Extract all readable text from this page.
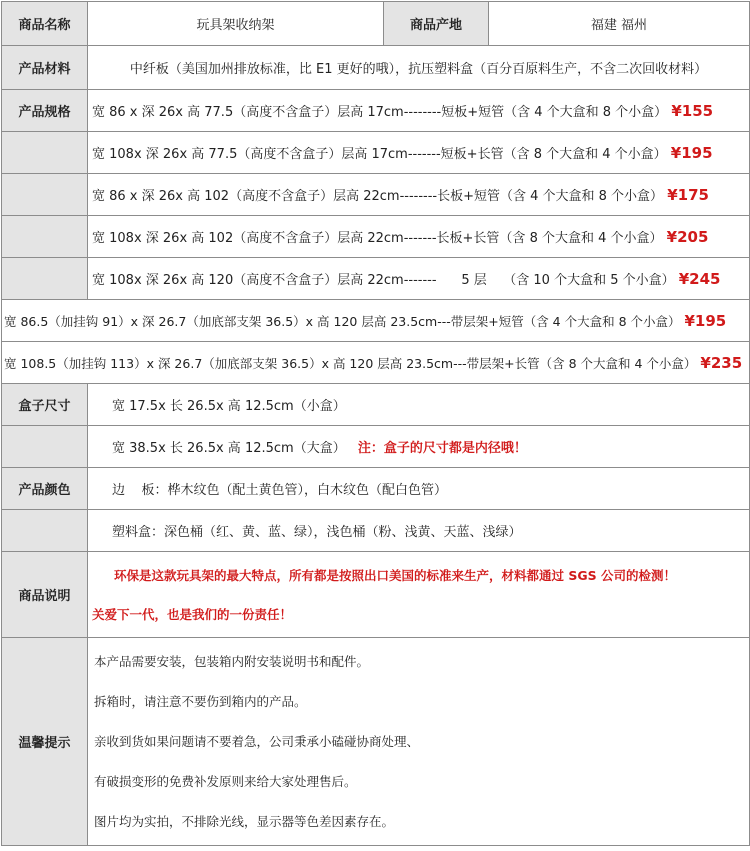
商品名称	玩具架收纳架	商品产地	福建 福州
产品材料	中纤板（美国加州排放标准，比 E1 更好的哦），抗压塑料盒（百分百原料生产，不含二次回收材料）		
产品规格	宽 86 x 深 26x 高 77.5（高度不含盒子）层高 17cm--------短板+短管（含 4 个大盒和 8 个小盒） ¥155		
	宽 108x 深 26x 高 77.5（高度不含盒子）层高 17cm-------短板+长管（含 8 个大盒和 4 个小盒） ¥195		
	宽 86 x 深 26x 高 102（高度不含盒子）层高 22cm--------长板+短管（含 4 个大盒和 8 个小盒） ¥175		
	宽 108x 深 26x 高 102（高度不含盒子）层高 22cm-------长板+长管（含 8 个大盒和 4 个小盒） ¥205		
	宽 108x 深 26x 高 120（高度不含盒子）层高 22cm-------      5 层    （含 10 个大盒和 5 个小盒） ¥245		
宽 86.5（加挂钩 91）x 深 26.7（加底部支架 36.5）x 高 120 层高 23.5cm---带层架+短管（含 4 个大盒和 8 个小盒） ¥195			
宽 108.5（加挂钩 113）x 深 26.7（加底部支架 36.5）x 高 120 层高 23.5cm---带层架+长管（含 8 个大盒和 4 个小盒） ¥235			
盒子尺寸	宽 17.5x 长 26.5x 高 12.5cm（小盒）		
	宽 38.5x 长 26.5x 高 12.5cm（大盒） 注：盒子的尺寸都是内径哦！		
产品颜色	边    板：桦木纹色（配土黄色管），白木纹色（配白色管）		
	塑料盒：深色桶（红、黄、蓝、绿），浅色桶（粉、浅黄、天蓝、浅绿）		
商品说明	环保是这款玩具架的最大特点，所有都是按照出口美国的标准来生产，材料都通过 SGS 公司的检测！
关爱下一代，也是我们的一份责任！		

温馨提示	本产品需要安装，包装箱内附安装说明书和配件。
拆箱时，请注意不要伤到箱内的产品。
亲收到货如果问题请不要着急，公司秉承小磕碰协商处理、
有破损变形的免费补发原则来给大家处理售后。
图片均为实拍，不排除光线，显示器等色差因素存在。		
